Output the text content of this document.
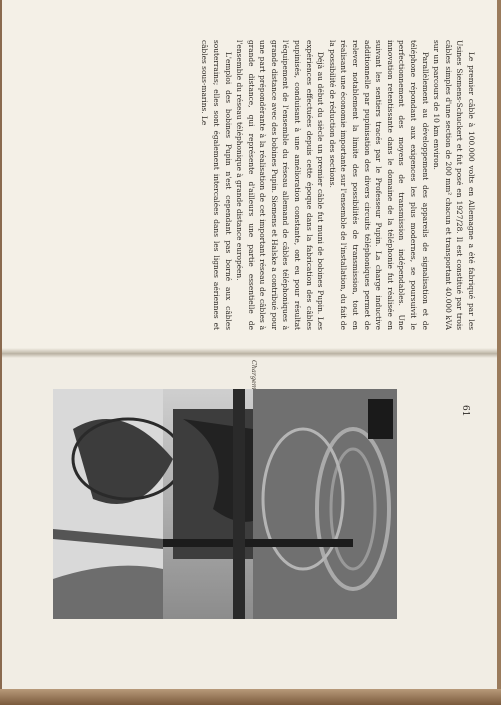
Le premier câble à 100.000 volts en Allemagne a été fabriqué par les Usines Siemens-Schuckert et fut posé en 1927/28. Il est constitué par trois câbles simples d'une section de 200 mm² chacun et transportant 40.000 kVA sur un parcours de 10 km environ.

Parallèlement au développement des appareils de signalisation et de téléphone répondant aux exigences les plus modernes, se poursuivit le perfectionnement des moyens de transmission indépendables. Une innovation retentissante dans le domaine de la téléphonie fut réalisée en suivant les sentiers tracés par le Professeur Pupin. La charge inductive additionnelle par pupinisation des divers circuits téléphoniques permet de relever notablement la limite des possibilités de transmission, tout en réalisant une économie importante sur l'ensemble de l'installation, du fait de la possibilité de réduction des sections.

Déjà au début du siècle un premier câble fut muni de bobines Pupin. Les expériences effectuées depuis cette époque dans la fabrication des câbles pupinisés, conduisant à une amélioration constante, ont eu pour résultat l'équipement de l'ensemble du réseau allemand de câbles téléphoniques à grande distance avec des bobines Pupin. Siemens et Halske a contribué pour une part prépondérante à la réalisation de cet important réseau de câbles à grande distance, qui représente d'ailleurs une partie essentielle de l'ensemble du réseau téléphonique à grande distance européen.

L'emploi des bobines Pupin n'est cependant pas borné aux câbles souterrains; elles sont également intercalées dans les lignes aériennes et câbles sous-marins. Le

61
Chargement
